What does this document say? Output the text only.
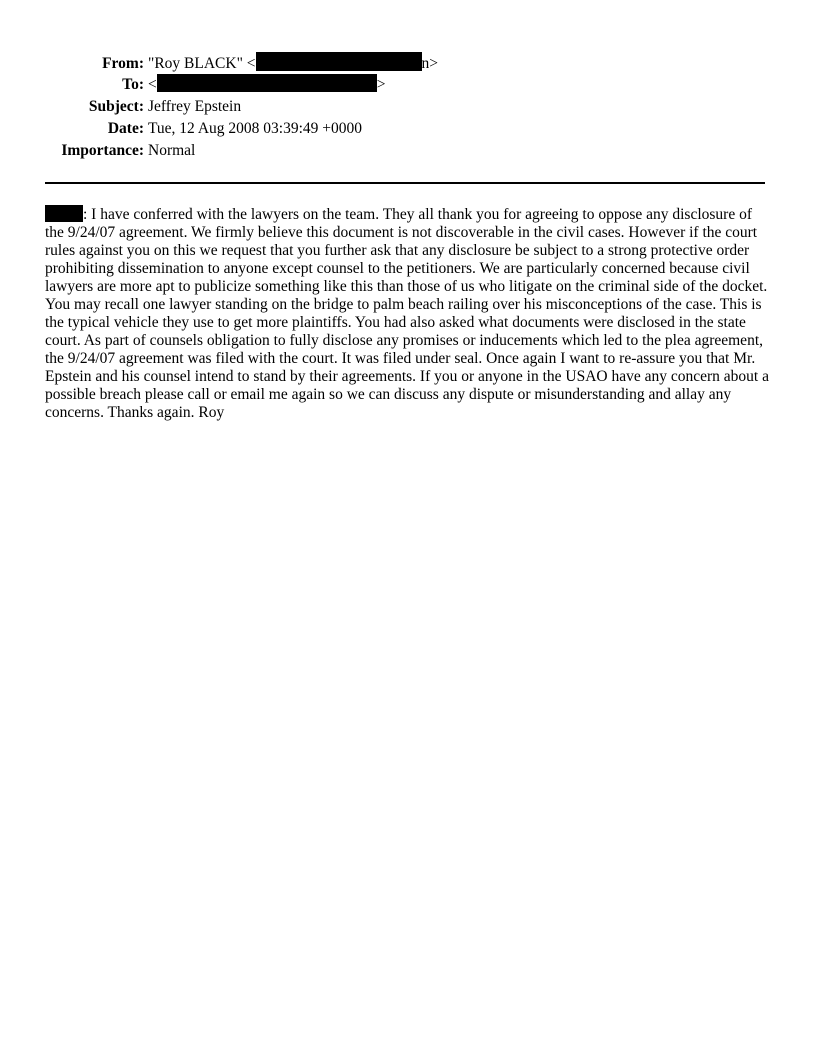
From: "Roy BLACK" <	n>
To: <	>
Subject: Jeffrey Epstein
Date: Tue, 12 Aug 2008 03:39:49 +0000
Importance: Normal

: I have conferred with the lawyers on the team. They all thank you for agreeing to oppose any disclosure of the 9/24/07 agreement. We firmly believe this document is not discoverable in the civil cases. However if the court rules against you on this we request that you further ask that any disclosure be subject to a strong protective order prohibiting dissemination to anyone except counsel to the petitioners. We are particularly concerned because civil lawyers are more apt to publicize something like this than those of us who litigate on the criminal side of the docket. You may recall one lawyer standing on the bridge to palm beach railing over his misconceptions of the case. This is the typical vehicle they use to get more plaintiffs. You had also asked what documents were disclosed in the state court. As part of counsels obligation to fully disclose any promises or inducements which led to the plea agreement, the 9/24/07 agreement was filed with the court. It was filed under seal. Once again I want to re-assure you that Mr. Epstein and his counsel intend to stand by their agreements. If you or anyone in the USAO have any concern about a possible breach please call or email me again so we can discuss any dispute or misunderstanding and allay any concerns. Thanks again. Roy
